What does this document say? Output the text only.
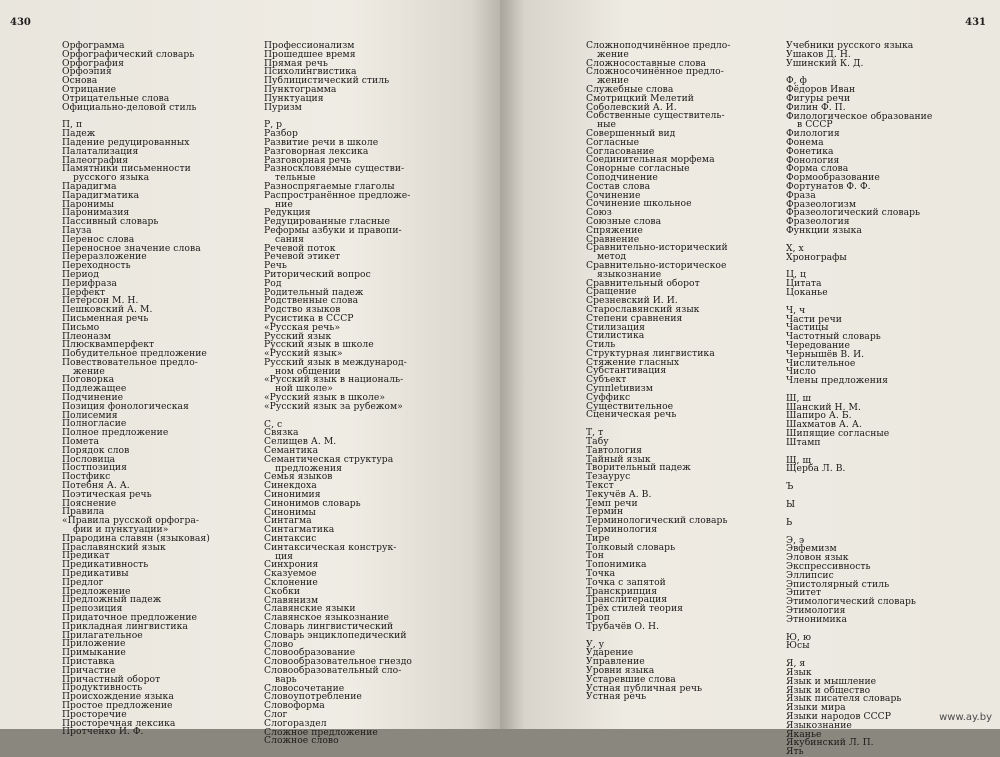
430
Орфограмма
Орфографический словарь
Орфография
Орфоэпия
Основа
Отрицание
Отрицательные слова
Официально-деловой стиль
П, п
Падеж
Падение редуцированных
Палатализация
Палеография
Памятники письменности
русского языка
Парадигма
Парадигматика
Паронимы
Паронимазия
Пассивный словарь
Пауза
Перенос слова
Переносное значение слова
Переразложение
Переходность
Период
Перифраза
Перфект
Петерсон М. Н.
Пешковский А. М.
Письменная речь
Письмо
Плеоназм
Плюсквамперфект
Побудительное предложение
Повествовательное предло-
жение
Поговорка
Подлежащее
Подчинение
Позиция фонологическая
Полисемия
Полногласие
Полное предложение
Помета
Порядок слов
Пословица
Постпозиция
Постфикс
Потебня А. А.
Поэтическая речь
Пояснение
Правила
«Правила русской орфогра-
фии и пунктуации»
Прародина славян (языковая)
Праславянский язык
Предикат
Предикативность
Предикативы
Предлог
Предложение
Предложный падеж
Препозиция
Придаточное предложение
Прикладная лингвистика
Прилагательное
Приложение
Примыкание
Приставка
Причастие
Причастный оборот
Продуктивность
Происхождение языка
Простое предложение
Просторечие
Просторечная лексика
Протченко И. Ф.
Профессионализм
Прошедшее время
Прямая речь
Психолингвистика
Публицистический стиль
Пунктограмма
Пунктуация
Пуризм
Р, р
Разбор
Развитие речи в школе
Разговорная лексика
Разговорная речь
Разноскловяемые существи-
тельные
Разноспрягаемые глаголы
Распространённое предложе-
ние
Редукция
Редуцированные гласные
Реформы азбуки и правопи-
сания
Речевой поток
Речевой этикет
Речь
Риторический вопрос
Род
Родительный падеж
Родственные слова
Родство языков
Русистика в СССР
«Русская речь»
Русский язык
Русский язык в школе
«Русский язык»
Русский язык в международ-
ном общении
«Русский язык в националь-
ной школе»
«Русский язык в школе»
«Русский язык за рубежом»
С, с
Связка
Селищев А. М.
Семантика
Семантическая структура
предложения
Семья языков
Синекдоха
Синонимия
Синонимов словарь
Синонимы
Синтагма
Синтагматика
Синтаксис
Синтаксическая конструк-
ция
Синхрония
Сказуемое
Склонение
Скобки
Славянизм
Славянские языки
Славянское языкознание
Словарь лингвистический
Словарь энциклопедический
Слово
Словообразование
Словообразовательное гнездо
Словообразовательный сло-
варь
Словосочетание
Словоупотребление
Словоформа
Слог
Слогораздел
Сложное предложение
Сложное слово
431
Сложноподчинённое предло-
жение
Сложносоставные слова
Сложносочинённое предло-
жение
Служебные слова
Смотрицкий Мелетий
Соболевский А. И.
Собственные существитель-
ные
Совершенный вид
Согласные
Согласование
Соединительная морфема
Сонорные согласные
Соподчинение
Состав слова
Сочинение
Сочинение школьное
Союз
Союзные слова
Спряжение
Сравнение
Сравнительно-исторический
метод
Сравнительно-историческое
языкознание
Сравнительный оборот
Сращение
Срезневский И. И.
Старославянский язык
Степени сравнения
Стилизация
Стилистика
Стиль
Структурная лингвистика
Стяжение гласных
Субстантивация
Субъект
Суппletивизм
Суффикс
Существительное
Сценическая речь
Т, т
Табу
Тавтология
Тайный язык
Творительный падеж
Тезаурус
Текст
Текучёв А. В.
Темп речи
Термин
Терминологический словарь
Терминология
Тире
Толковый словарь
Тон
Топонимика
Точка
Точка с запятой
Транскрипция
Транслитерация
Трёх стилей теория
Троп
Трубачёв О. Н.
У, у
Ударение
Управление
Уровни языка
Устаревшие слова
Устная публичная речь
Устная речь
Учебники русского языка
Ушаков Д. Н.
Ушинский К. Д.
Ф, ф
Фёдоров Иван
Фигуры речи
Филин Ф. П.
Филологическое образование
в СССР
Филология
Фонема
Фонетика
Фонология
Форма слова
Формообразование
Фортунатов Ф. Ф.
Фраза
Фразеологизм
Фразеологический словарь
Фразеология
Функции языка
Х, х
Хронографы
Ц, ц
Цитата
Цоканье
Ч, ч
Части речи
Частицы
Частотный словарь
Чередование
Чернышёв В. И.
Числительное
Число
Члены предложения
Ш, ш
Шанский Н. М.
Шапиро А. Б.
Шахматов А. А.
Шипящие согласные
Штамп
Щ, щ
Щерба Л. В.
Ъ
Ы
Ь
Э, э
Эвфемизм
Эловон язык
Экспрессивность
Эллипсис
Эпистолярный стиль
Эпитет
Этимологический словарь
Этимология
Этнонимика
Ю, ю
Юсы
Я, я
Язык
Язык и мышление
Язык и общество
Язык писателя словарь
Языки мира
Языки народов СССР
Языкознание
Яканье
Якубинский Л. П.
Ять
www.ay.by
